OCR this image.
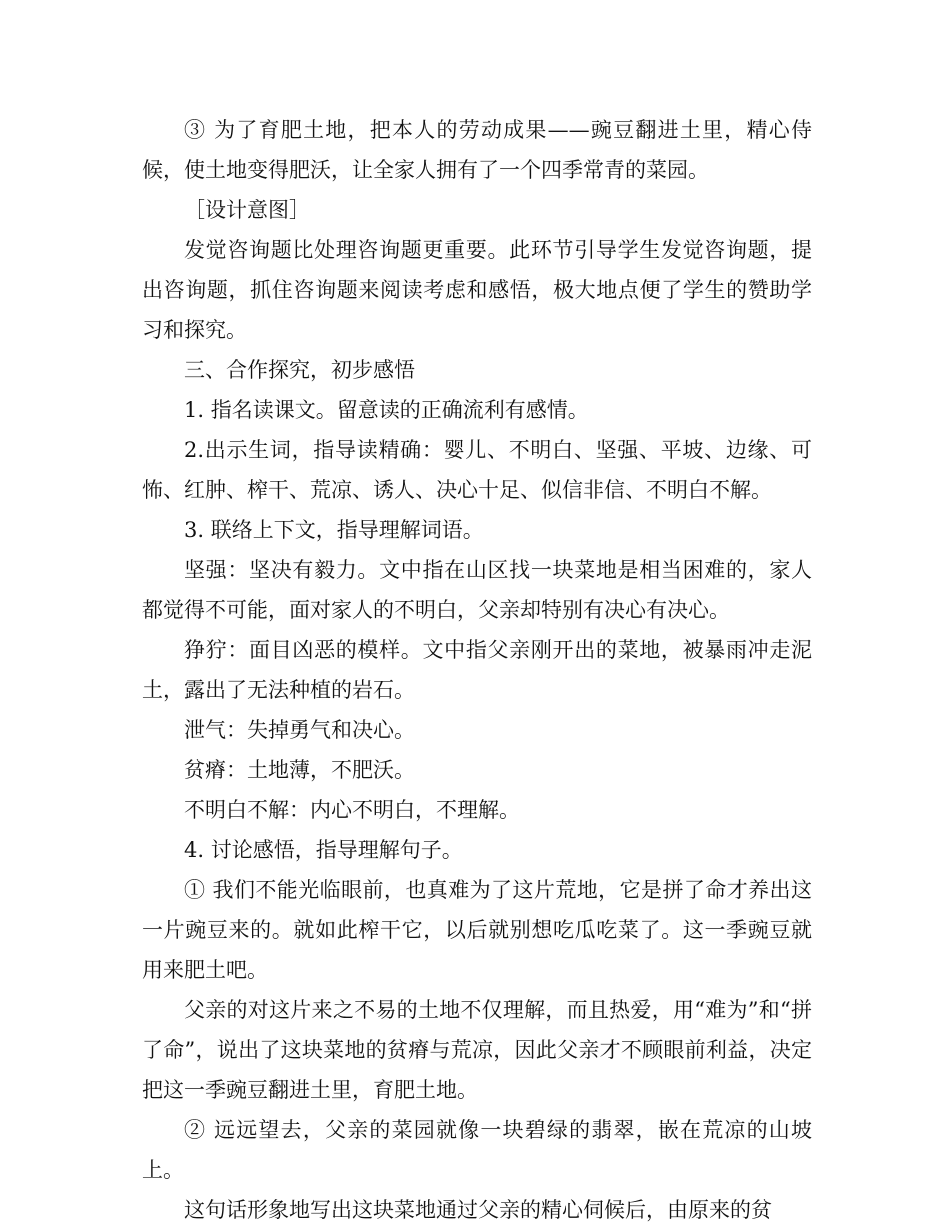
③ 为了育肥土地，把本人的劳动成果——豌豆翻进土里，精心侍候，使土地变得肥沃，让全家人拥有了一个四季常青的菜园。

［设计意图］

发觉咨询题比处理咨询题更重要。此环节引导学生发觉咨询题，提出咨询题，抓住咨询题来阅读考虑和感悟，极大地点便了学生的赞助学习和探究。

三、合作探究，初步感悟

1. 指名读课文。留意读的正确流利有感情。

2.出示生词，指导读精确：婴儿、不明白、坚强、平坡、边缘、可怖、红肿、榨干、荒凉、诱人、决心十足、似信非信、不明白不解。

3. 联络上下文，指导理解词语。

坚强：坚决有毅力。文中指在山区找一块菜地是相当困难的，家人都觉得不可能，面对家人的不明白，父亲却特别有决心有决心。

狰狞：面目凶恶的模样。文中指父亲刚开出的菜地，被暴雨冲走泥土，露出了无法种植的岩石。

泄气：失掉勇气和决心。

贫瘠：土地薄，不肥沃。

不明白不解：内心不明白，不理解。

4. 讨论感悟，指导理解句子。

① 我们不能光临眼前，也真难为了这片荒地，它是拼了命才养出这一片豌豆来的。就如此榨干它，以后就别想吃瓜吃菜了。这一季豌豆就用来肥土吧。

父亲的对这片来之不易的土地不仅理解，而且热爱，用“难为”和“拼了命”，说出了这块菜地的贫瘠与荒凉，因此父亲才不顾眼前利益，决定把这一季豌豆翻进土里，育肥土地。

② 远远望去，父亲的菜园就像一块碧绿的翡翠，嵌在荒凉的山坡上。

这句话形象地写出这块菜地通过父亲的精心伺候后，由原来的贫
